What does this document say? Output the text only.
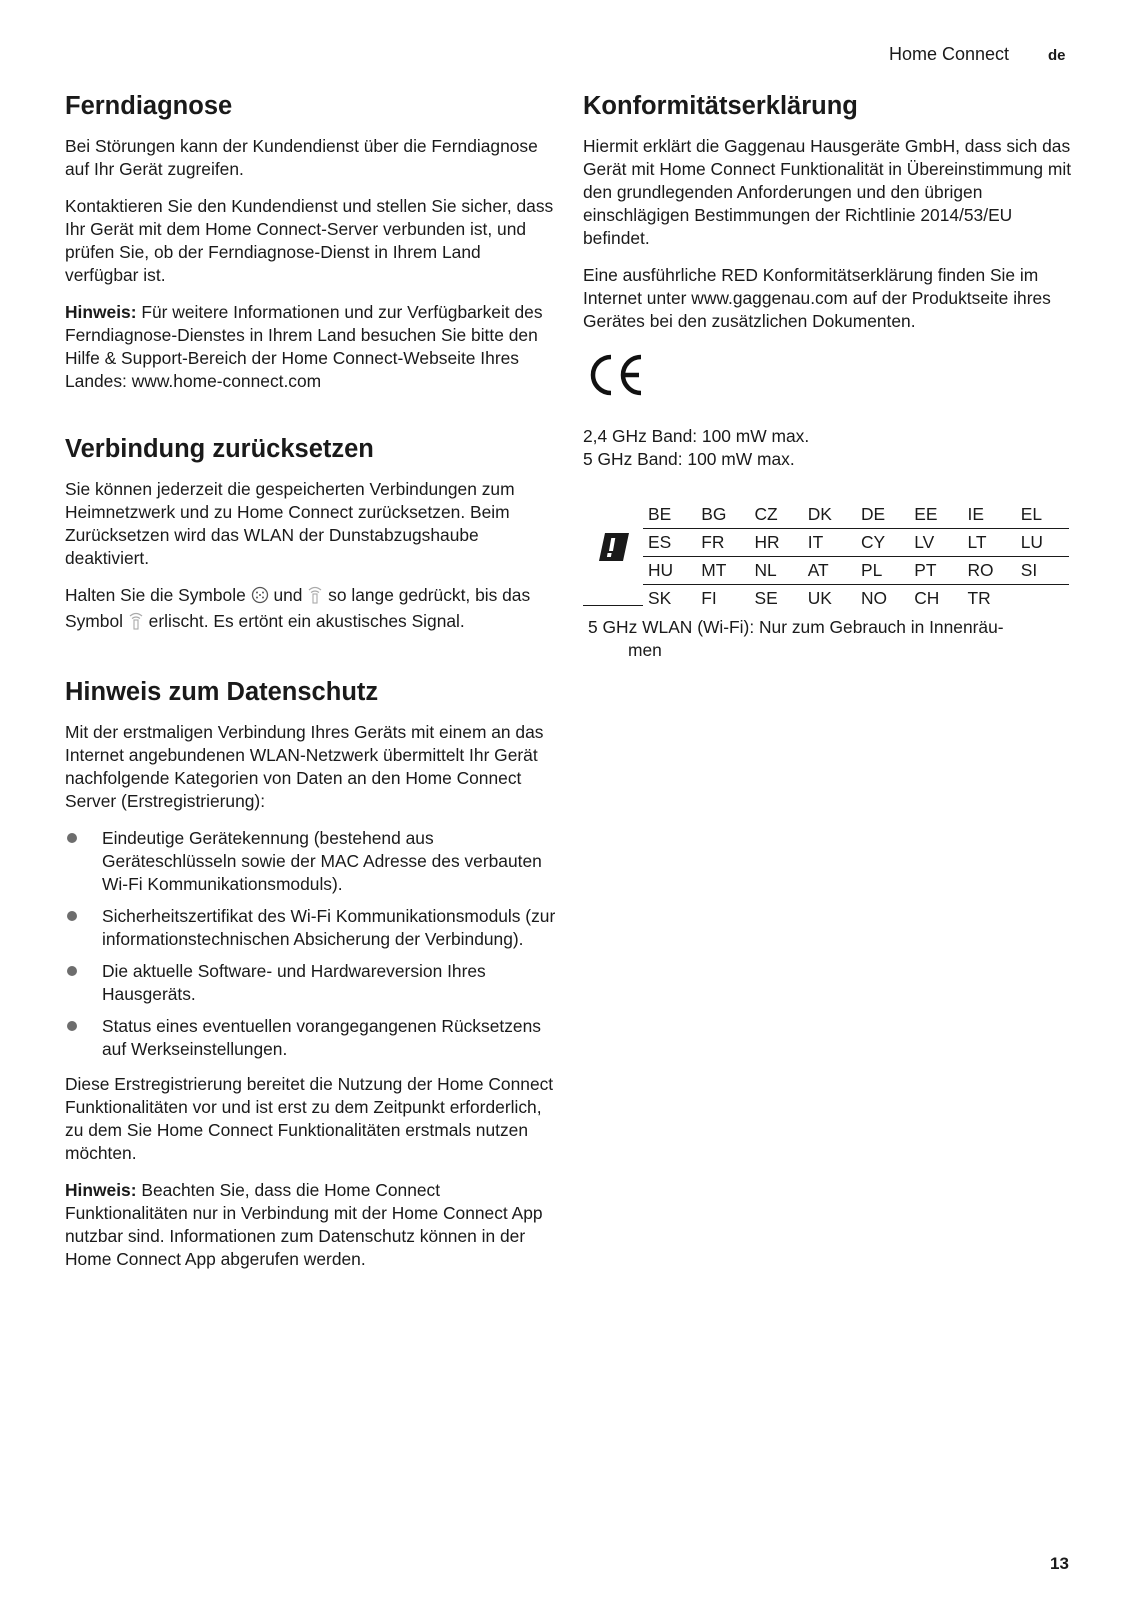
Home Connect	de
Ferndiagnose

Bei Störungen kann der Kundendienst über die Ferndiagnose auf Ihr Gerät zugreifen.

Kontaktieren Sie den Kundendienst und stellen Sie sicher, dass Ihr Gerät mit dem Home Connect-Server verbunden ist, und prüfen Sie, ob der Ferndiagnose-Dienst in Ihrem Land verfügbar ist.

Hinweis: Für weitere Informationen und zur Verfügbarkeit des Ferndiagnose-Dienstes in Ihrem Land besuchen Sie bitte den Hilfe & Support-Bereich der Home Connect-Webseite Ihres Landes: www.home-connect.com

Verbindung zurücksetzen

Sie können jederzeit die gespeicherten Verbindungen zum Heimnetzwerk und zu Home Connect zurücksetzen. Beim Zurücksetzen wird das WLAN der Dunstabzugshaube deaktiviert.

Halten Sie die Symbole  und  so lange gedrückt, bis das Symbol  erlischt. Es ertönt ein akustisches Signal.

Hinweis zum Datenschutz

Mit der erstmaligen Verbindung Ihres Geräts mit einem an das Internet angebundenen WLAN-Netzwerk übermittelt Ihr Gerät nachfolgende Kategorien von Daten an den Home Connect Server (Erstregistrierung):

Eindeutige Gerätekennung (bestehend aus Geräteschlüsseln sowie der MAC Adresse des verbauten Wi-Fi Kommunikationsmoduls).
Sicherheitszertifikat des Wi-Fi Kommunikationsmoduls (zur informationstechnischen Absicherung der Verbindung).
Die aktuelle Software- und Hardwareversion Ihres Hausgeräts.
Status eines eventuellen vorangegangenen Rücksetzens auf Werkseinstellungen.

Diese Erstregistrierung bereitet die Nutzung der Home Connect Funktionalitäten vor und ist erst zu dem Zeitpunkt erforderlich, zu dem Sie Home Connect Funktionalitäten erstmals nutzen möchten.

Hinweis: Beachten Sie, dass die Home Connect Funktionalitäten nur in Verbindung mit der Home Connect App nutzbar sind. Informationen zum Datenschutz können in der Home Connect App abgerufen werden.

Konformitätserklärung

Hiermit erklärt die Gaggenau Hausgeräte GmbH, dass sich das Gerät mit Home Connect Funktionalität in Übereinstimmung mit den grundlegenden Anforderungen und den übrigen einschlägigen Bestimmungen der Richtlinie 2014/53/EU befindet.

Eine ausführliche RED Konformitätserklärung finden Sie im Internet unter www.gaggenau.com auf der Produktseite ihres Gerätes bei den zusätzlichen Dokumenten.

2,4 GHz Band: 100 mW max.

5 GHz Band: 100 mW max.

BE	BG	CZ	DK	DE	EE	IE	EL
ES	FR	HR	IT	CY	LV	LT	LU
HU	MT	NL	AT	PL	PT	RO	SI
SK	FI	SE	UK	NO	CH	TR	
5 GHz WLAN (Wi-Fi): Nur zum Gebrauch in Innenräu-
men
13
